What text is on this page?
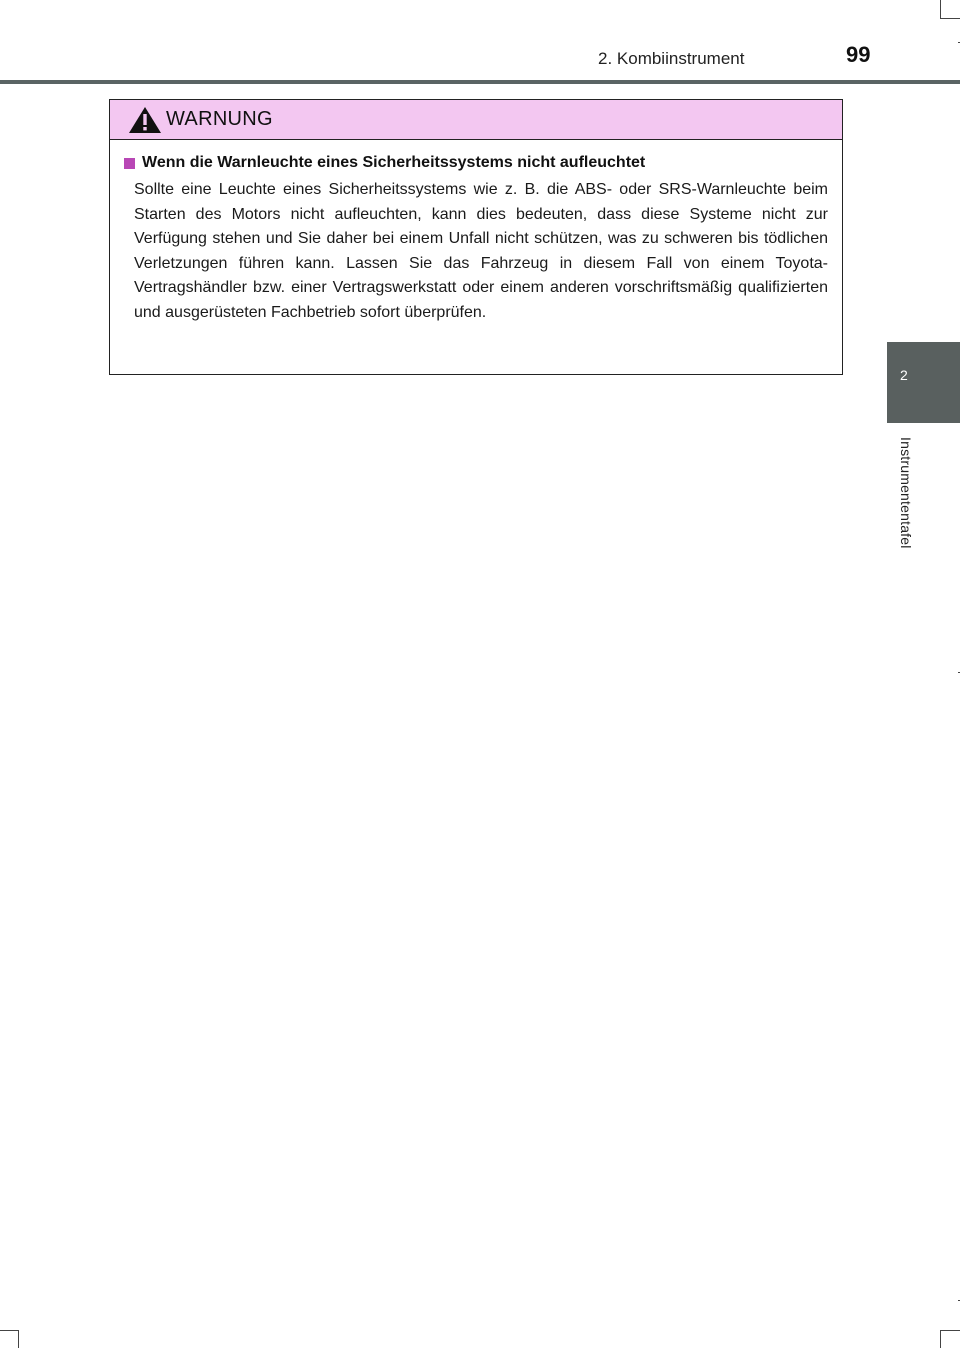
2. Kombiinstrument	99
2
Instrumententafel
WARNUNG
Wenn die Warnleuchte eines Sicherheitssystems nicht aufleuchtet

Sollte eine Leuchte eines Sicherheitssystems wie z. B. die ABS- oder SRS-Warnleuchte beim Starten des Motors nicht aufleuchten, kann dies bedeuten, dass diese Systeme nicht zur Verfügung stehen und Sie daher bei einem Unfall nicht schützen, was zu schweren bis tödlichen Verletzungen führen kann. Lassen Sie das Fahrzeug in diesem Fall von einem Toyota-Vertragshändler bzw. einer Vertragswerkstatt oder einem anderen vorschriftsmäßig qualifizierten und ausgerüsteten Fachbetrieb sofort überprüfen.
